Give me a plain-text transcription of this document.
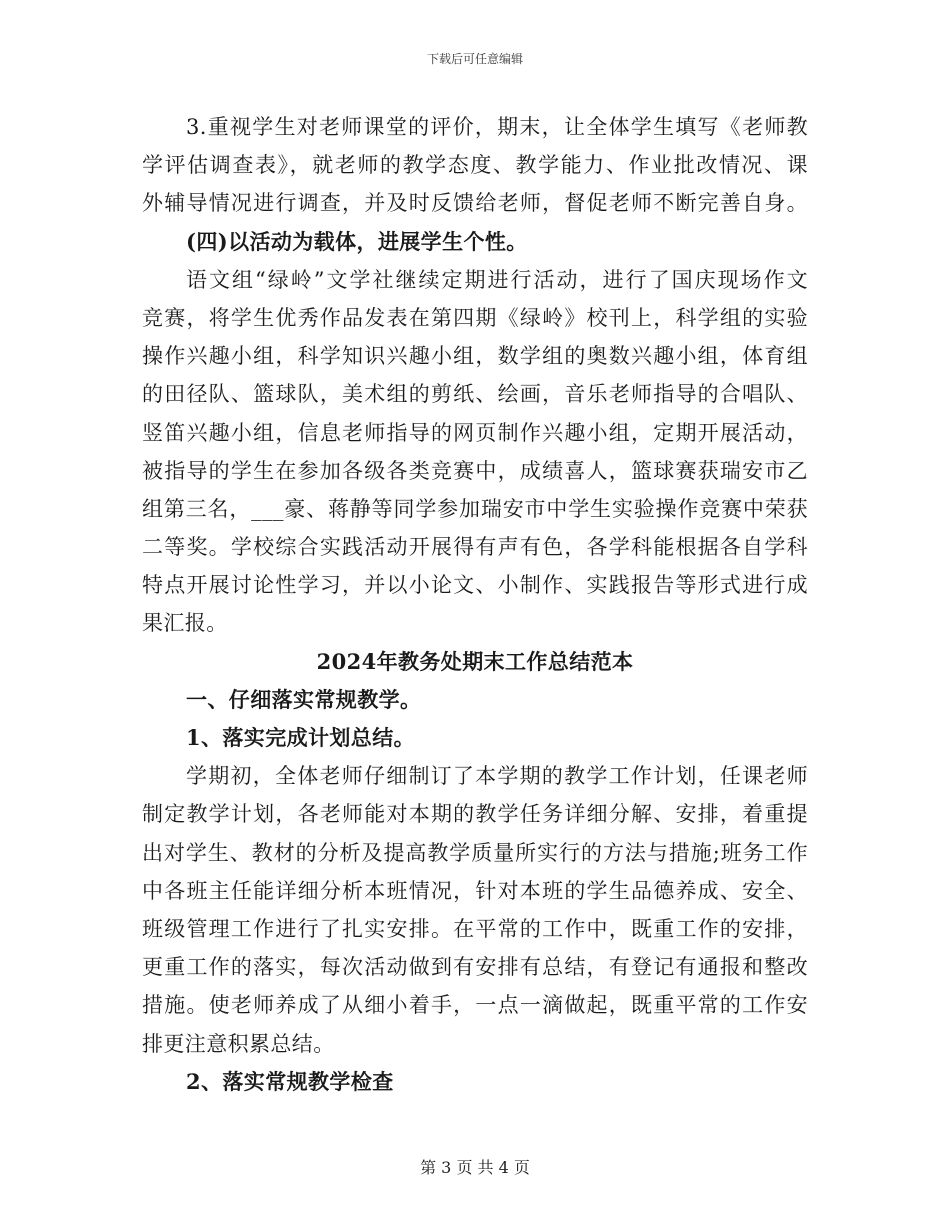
下载后可任意编辑
3.重视学生对老师课堂的评价，期末，让全体学生填写《老师教
学评估调查表》，就老师的教学态度、教学能力、作业批改情况、课
外辅导情况进行调查，并及时反馈给老师，督促老师不断完善自身。
(四)以活动为载体，进展学生个性。
语文组“绿岭”文学社继续定期进行活动，进行了国庆现场作文
竞赛，将学生优秀作品发表在第四期《绿岭》校刊上，科学组的实验
操作兴趣小组，科学知识兴趣小组，数学组的奥数兴趣小组，体育组
的田径队、篮球队，美术组的剪纸、绘画，音乐老师指导的合唱队、
竖笛兴趣小组，信息老师指导的网页制作兴趣小组，定期开展活动，
被指导的学生在参加各级各类竞赛中，成绩喜人，篮球赛获瑞安市乙
组第三名，___豪、蒋静等同学参加瑞安市中学生实验操作竞赛中荣获
二等奖。学校综合实践活动开展得有声有色，各学科能根据各自学科
特点开展讨论性学习，并以小论文、小制作、实践报告等形式进行成
果汇报。
2024年教务处期末工作总结范本
一、仔细落实常规教学。
1、落实完成计划总结。
学期初，全体老师仔细制订了本学期的教学工作计划，任课老师
制定教学计划，各老师能对本期的教学任务详细分解、安排，着重提
出对学生、教材的分析及提高教学质量所实行的方法与措施;班务工作
中各班主任能详细分析本班情况，针对本班的学生品德养成、安全、
班级管理工作进行了扎实安排。在平常的工作中，既重工作的安排，
更重工作的落实，每次活动做到有安排有总结，有登记有通报和整改
措施。使老师养成了从细小着手，一点一滴做起，既重平常的工作安
排更注意积累总结。
2、落实常规教学检查
第 3 页 共 4 页
